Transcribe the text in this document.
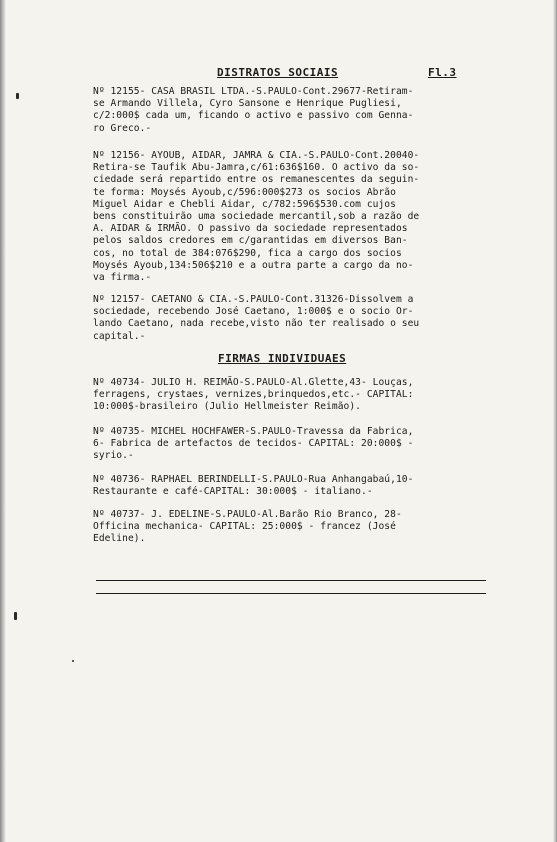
DISTRATOS SOCIAIS	Fl.3
Nº 12155- CASA BRASIL LTDA.-S.PAULO-Cont.29677-Retiram-
se Armando Villela, Cyro Sansone e Henrique Pugliesi,
c/2:000$ cada um, ficando o activo e passivo com Genna-
ro Greco.-
Nº 12156- AYOUB, AIDAR, JAMRA & CIA.-S.PAULO-Cont.20040-
Retira-se Taufik Abu-Jamra,c/61:636$160. O activo da so-
ciedade será repartido entre os remanescentes da seguin-
te forma: Moysés Ayoub,c/596:000$273 os socios Abrão
Miguel Aidar e Chebli Aidar, c/782:596$530.com cujos
bens constituirão uma sociedade mercantil,sob a razão de
A. AIDAR & IRMÃO. O passivo da sociedade representados
pelos saldos credores em c/garantidas em diversos Ban-
cos, no total de 384:076$290, fica a cargo dos socios
Moysés Ayoub,134:506$210 e a outra parte a cargo da no-
va firma.-
Nº 12157- CAETANO & CIA.-S.PAULO-Cont.31326-Dissolvem a
sociedade, recebendo José Caetano, 1:000$ e o socio Or-
lando Caetano, nada recebe,visto não ter realisado o seu
capital.-
FIRMAS INDIVIDUAES
Nº 40734- JULIO H. REIMÃO-S.PAULO-Al.Glette,43- Louças,
ferragens, crystaes, vernizes,brinquedos,etc.- CAPITAL:
10:000$-brasileiro (Julio Hellmeister Reimão).
Nº 40735- MICHEL HOCHFAWER-S.PAULO-Travessa da Fabrica,
6- Fabrica de artefactos de tecidos- CAPITAL: 20:000$ -
syrio.-
Nº 40736- RAPHAEL BERINDELLI-S.PAULO-Rua Anhangabaú,10-
Restaurante e café-CAPITAL: 30:000$ - italiano.-
Nº 40737- J. EDELINE-S.PAULO-Al.Barão Rio Branco, 28-
Officina mechanica- CAPITAL: 25:000$ - francez (José
Edeline).
